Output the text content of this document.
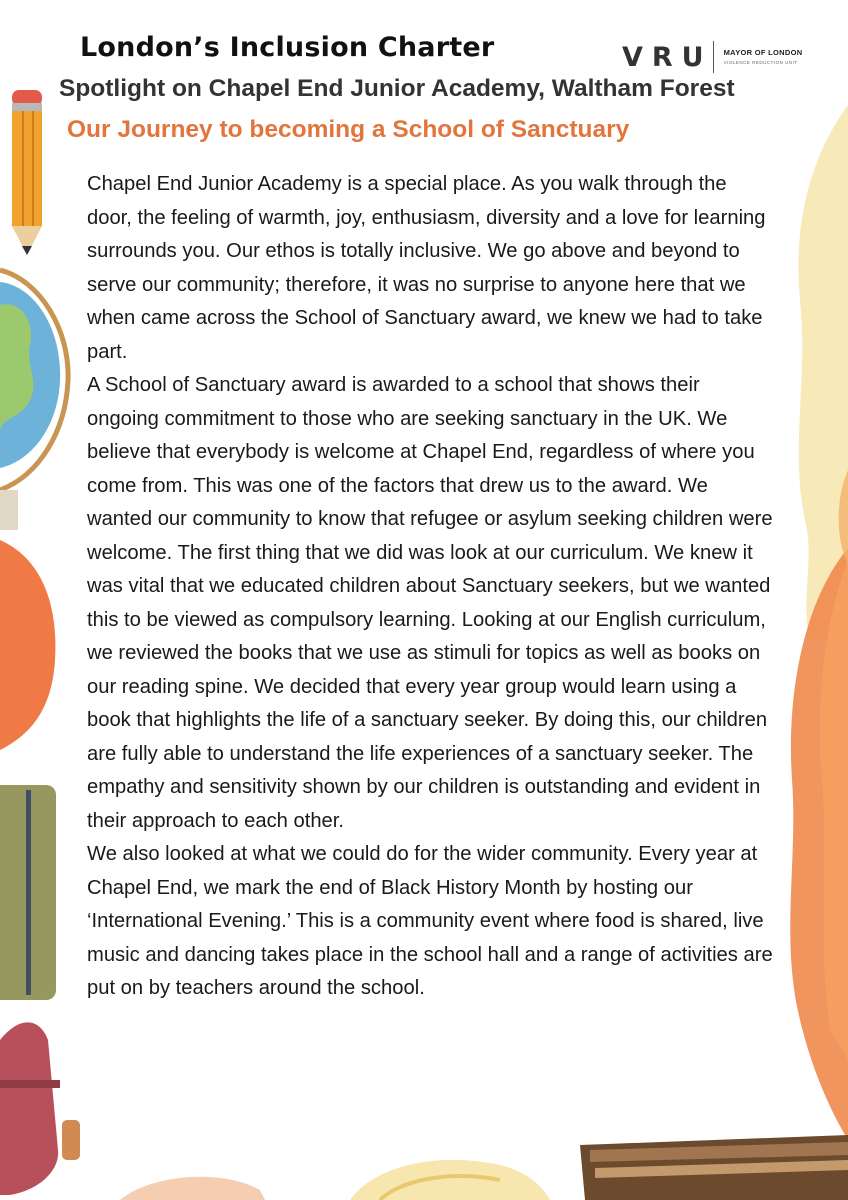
London’s Inclusion Charter	VRU MAYOR OF LONDON
VIOLENCE REDUCTION UNIT
Spotlight on Chapel End Junior Academy, Waltham Forest
Our Journey to becoming a School of Sanctuary

Chapel End Junior Academy is a special place. As you walk through the door, the feeling of warmth, joy, enthusiasm, diversity and a love for learning surrounds you. Our ethos is totally inclusive. We go above and beyond to serve our community; therefore, it was no surprise to anyone here that we when came across the School of Sanctuary award, we knew we had to take part.

A School of Sanctuary award is awarded to a school that shows their ongoing commitment to those who are seeking sanctuary in the UK. We believe that everybody is welcome at Chapel End, regardless of where you come from. This was one of the factors that drew us to the award. We wanted our community to know that refugee or asylum seeking children were welcome. The first thing that we did was look at our curriculum. We knew it was vital that we educated children about Sanctuary seekers, but we wanted this to be viewed as compulsory learning. Looking at our English curriculum, we reviewed the books that we use as stimuli for topics as well as books on our reading spine. We decided that every year group would learn using a book that highlights the life of a sanctuary seeker. By doing this, our children are fully able to understand the life experiences of a sanctuary seeker. The empathy and sensitivity shown by our children is outstanding and evident in their approach to each other.

We also looked at what we could do for the wider community. Every year at Chapel End, we mark the end of Black History Month by hosting our ‘International Evening.’ This is a community event where food is shared, live music and dancing takes place in the school hall and a range of activities are put on by teachers around the school.
